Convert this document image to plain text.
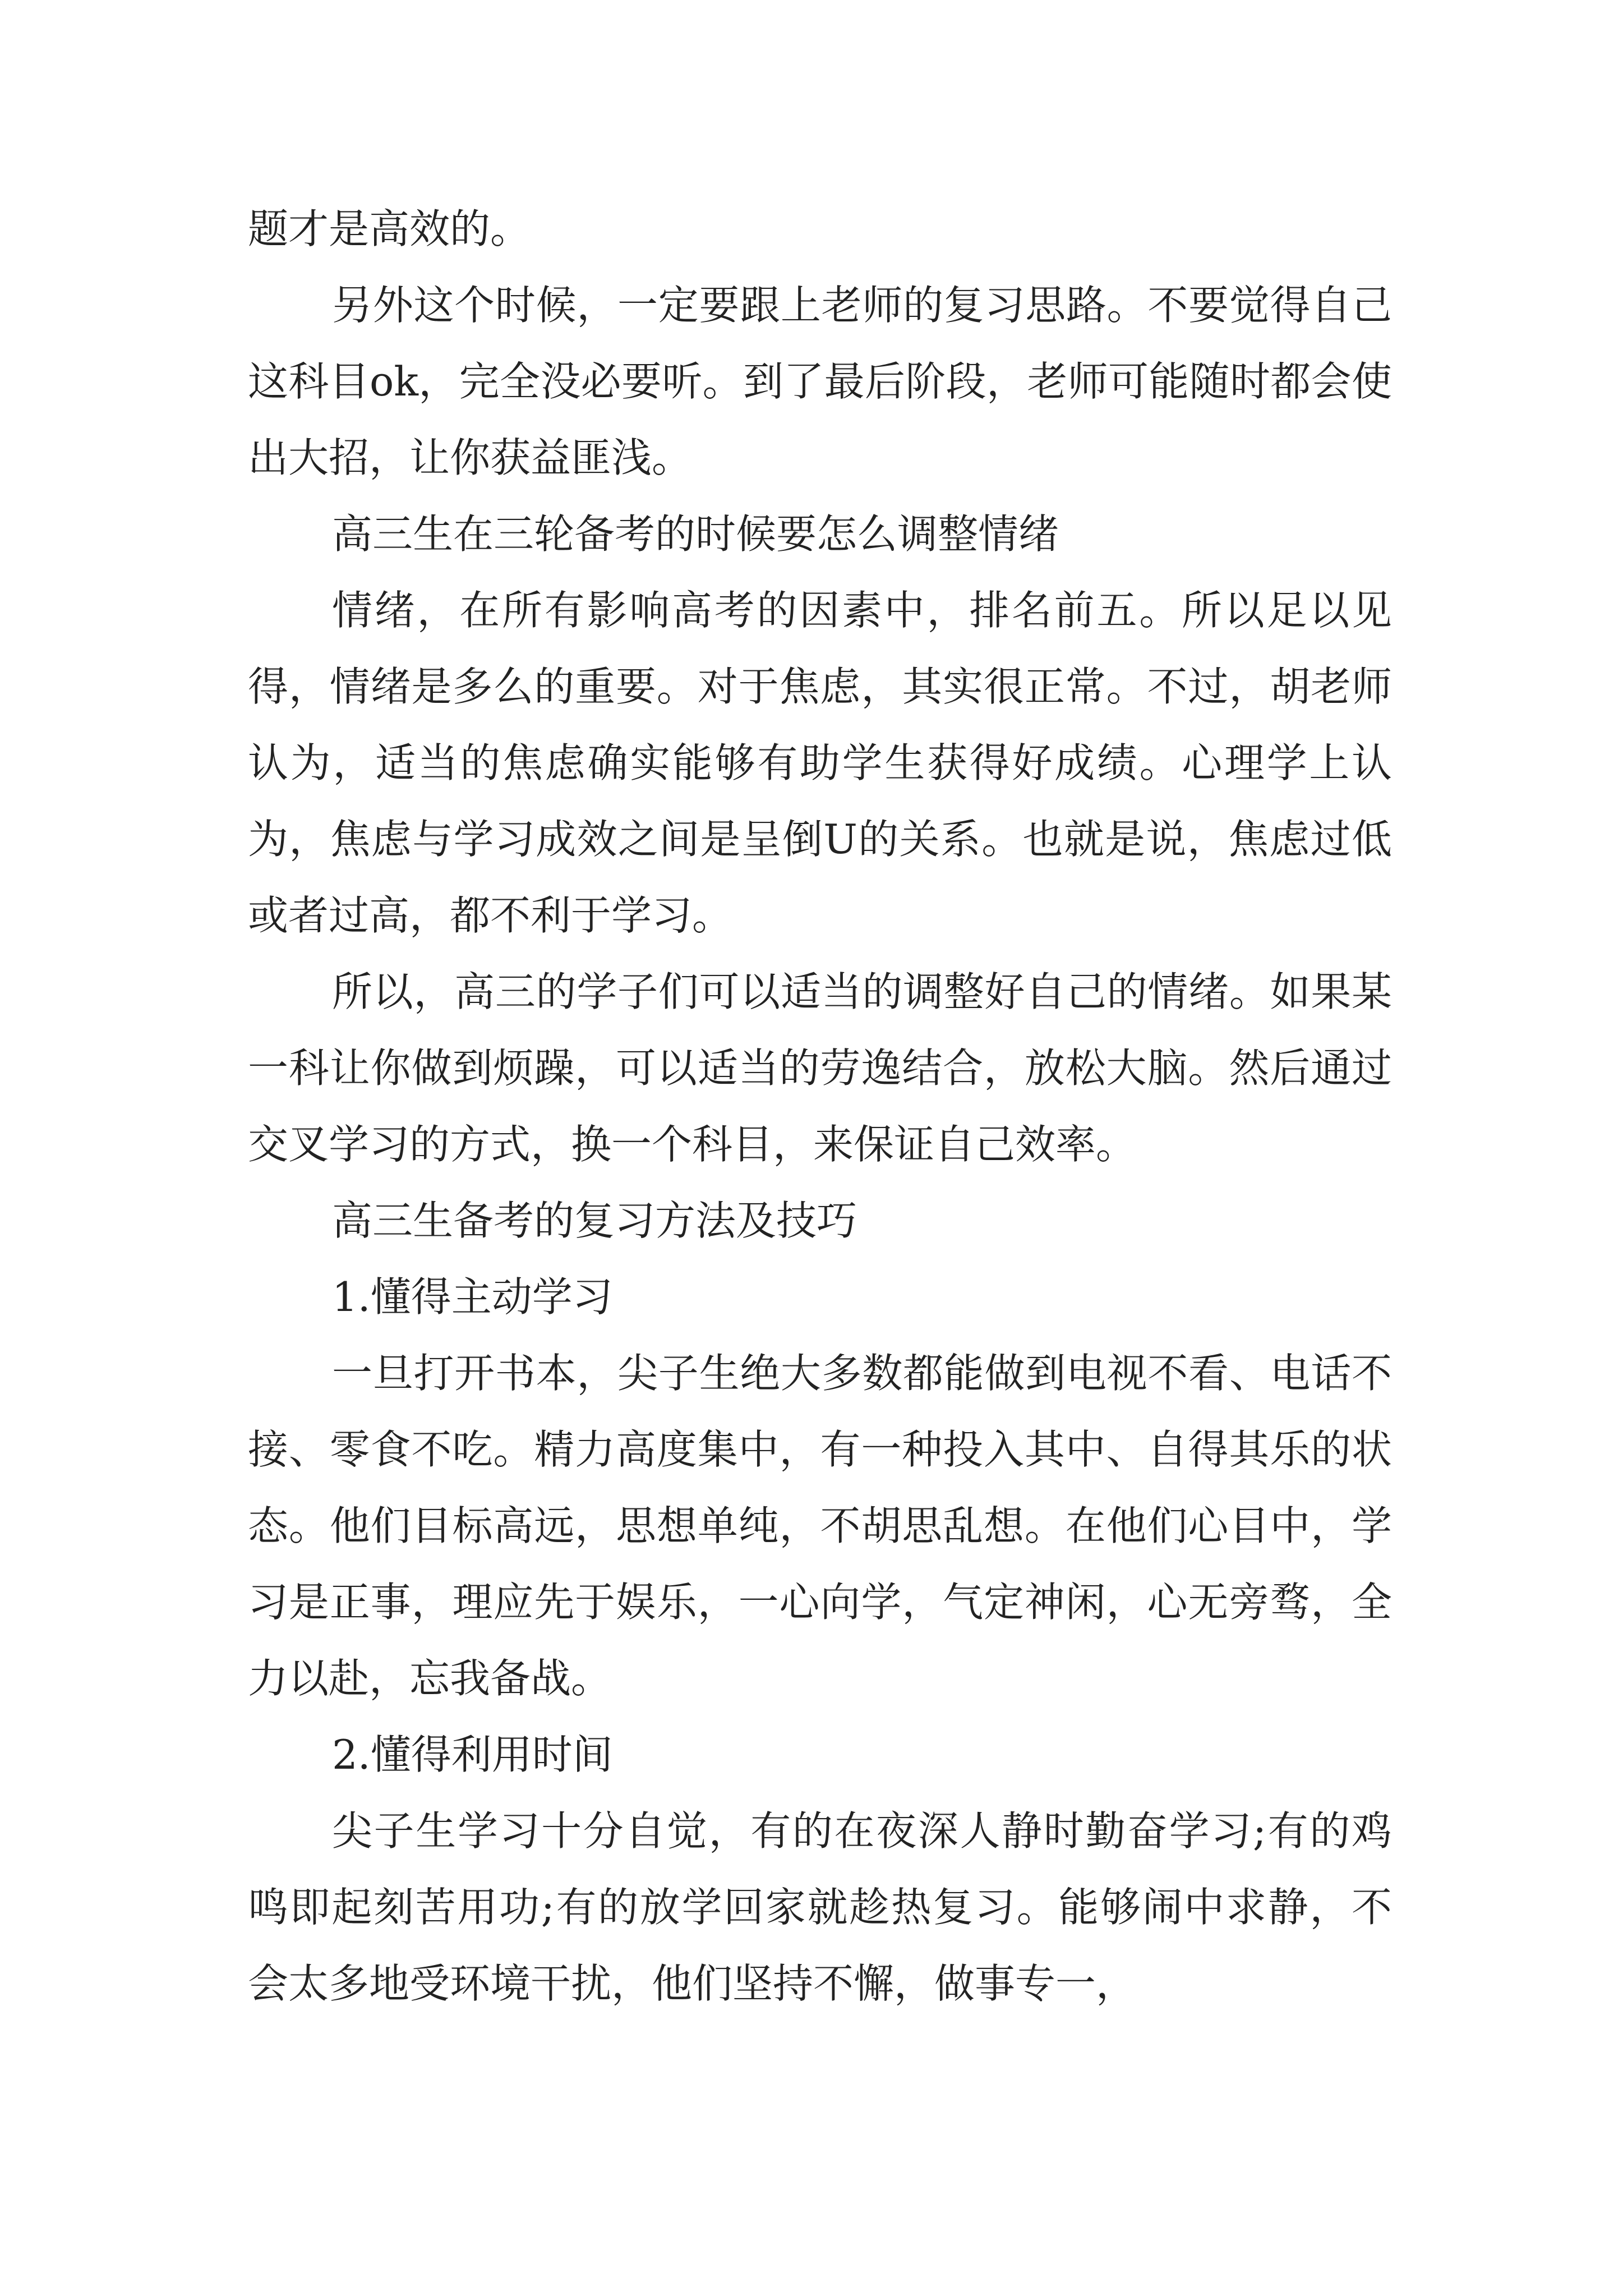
题才是高效的。

另外这个时候，一定要跟上老师的复习思路。不要觉得自己这科目ok，完全没必要听。到了最后阶段，老师可能随时都会使出大招，让你获益匪浅。

高三生在三轮备考的时候要怎么调整情绪

情绪，在所有影响高考的因素中，排名前五。所以足以见得，情绪是多么的重要。对于焦虑，其实很正常。不过，胡老师认为，适当的焦虑确实能够有助学生获得好成绩。心理学上认为，焦虑与学习成效之间是呈倒U的关系。也就是说，焦虑过低或者过高，都不利于学习。

所以，高三的学子们可以适当的调整好自己的情绪。如果某一科让你做到烦躁，可以适当的劳逸结合，放松大脑。然后通过交叉学习的方式，换一个科目，来保证自己效率。

高三生备考的复习方法及技巧

1.懂得主动学习

一旦打开书本，尖子生绝大多数都能做到电视不看、电话不接、零食不吃。精力高度集中，有一种投入其中、自得其乐的状态。他们目标高远，思想单纯，不胡思乱想。在他们心目中，学习是正事，理应先于娱乐，一心向学，气定神闲，心无旁骛，全力以赴，忘我备战。

2.懂得利用时间

尖子生学习十分自觉，有的在夜深人静时勤奋学习;有的鸡鸣即起刻苦用功;有的放学回家就趁热复习。能够闹中求静，不会太多地受环境干扰，他们坚持不懈，做事专一，
